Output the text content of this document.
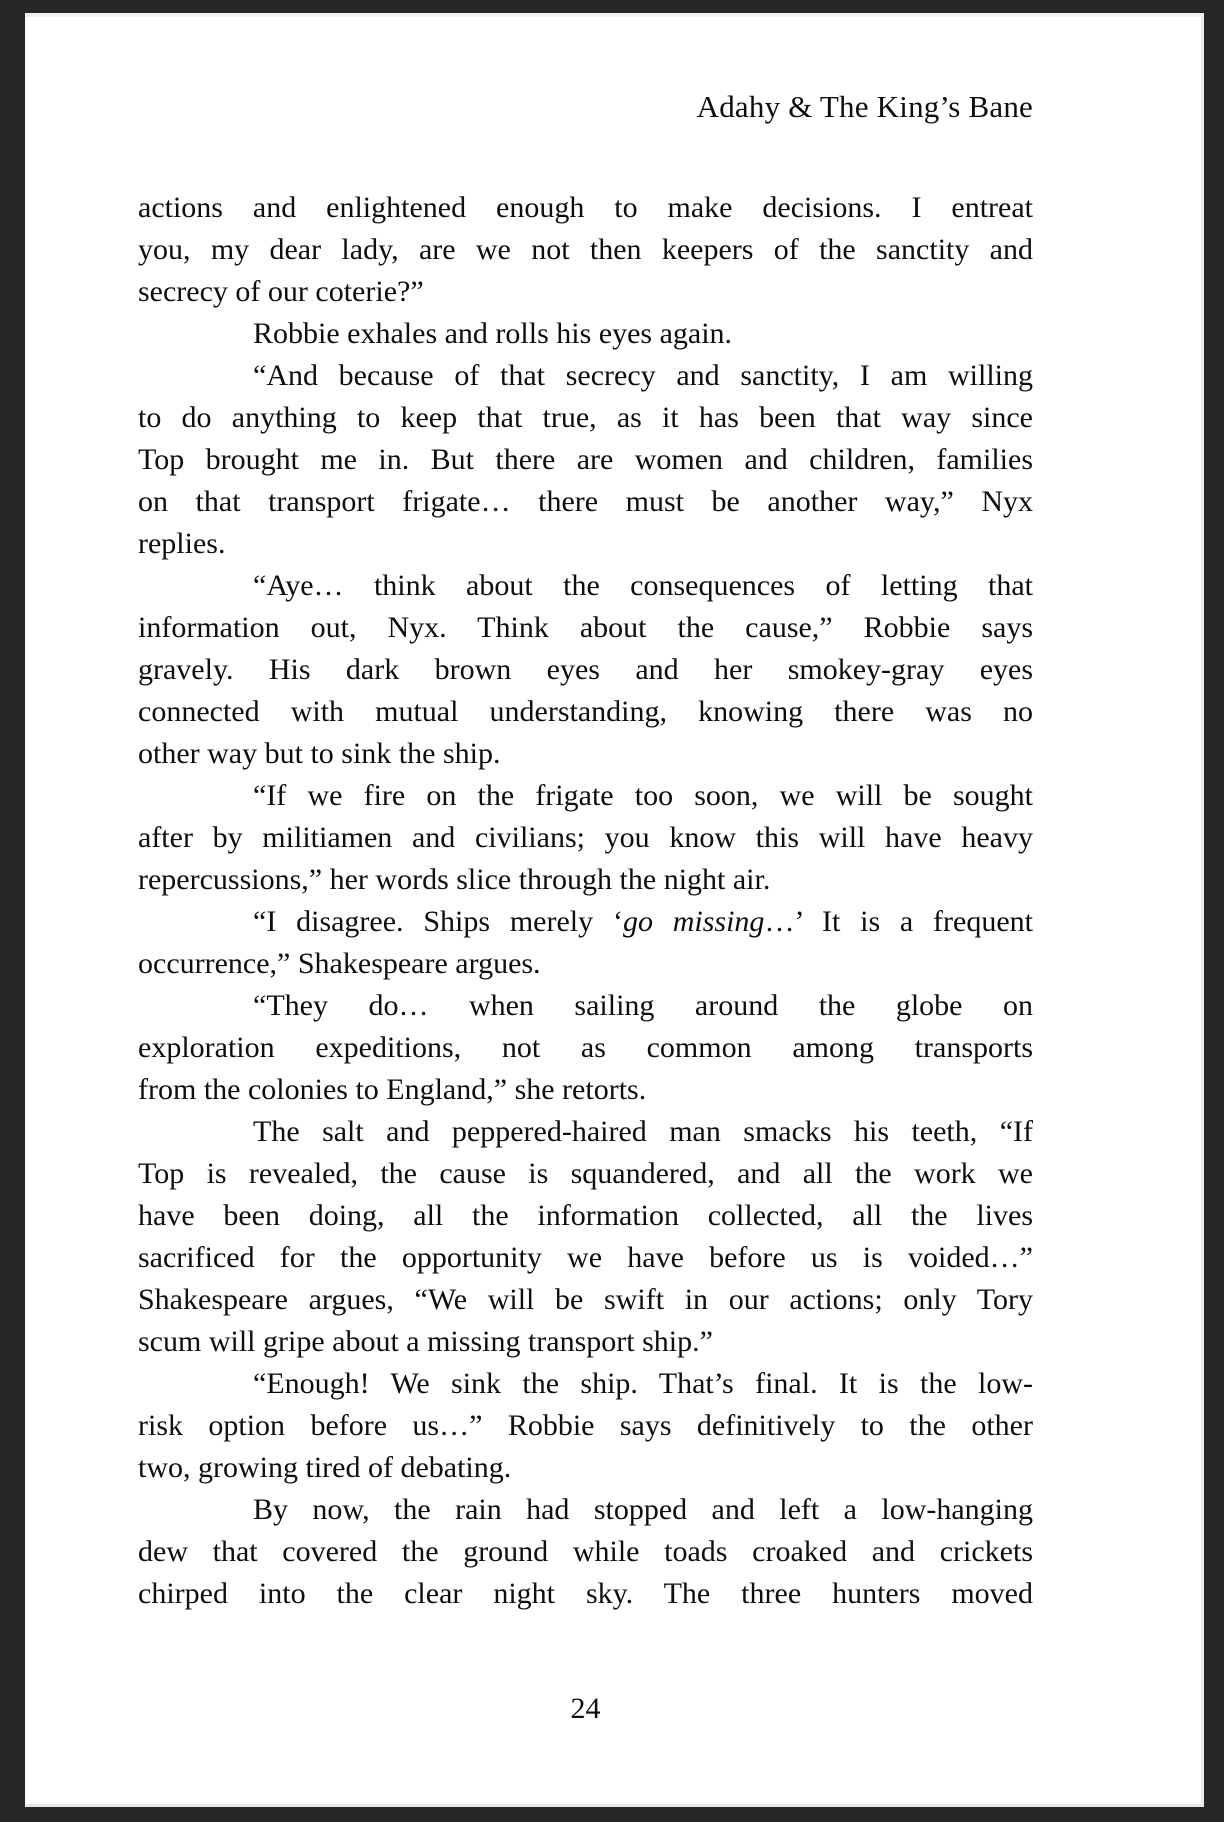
Adahy & The King’s Bane
actions and enlightened enough to make decisions. I entreat
you, my dear lady, are we not then keepers of the sanctity and
secrecy of our coterie?”
Robbie exhales and rolls his eyes again.
“And because of that secrecy and sanctity, I am willing
to do anything to keep that true, as it has been that way since
Top brought me in. But there are women and children, families
on that transport frigate… there must be another way,” Nyx
replies.
“Aye… think about the consequences of letting that
information out, Nyx. Think about the cause,” Robbie says
gravely. His dark brown eyes and her smokey-gray eyes
connected with mutual understanding, knowing there was no
other way but to sink the ship.
“If we fire on the frigate too soon, we will be sought
after by militiamen and civilians; you know this will have heavy
repercussions,” her words slice through the night air.
“I disagree. Ships merely ‘go missing…’ It is a frequent
occurrence,” Shakespeare argues.
“They do… when sailing around the globe on
exploration expeditions, not as common among transports
from the colonies to England,” she retorts.
The salt and peppered-haired man smacks his teeth, “If
Top is revealed, the cause is squandered, and all the work we
have been doing, all the information collected, all the lives
sacrificed for the opportunity we have before us is voided…”
Shakespeare argues, “We will be swift in our actions; only Tory
scum will gripe about a missing transport ship.”
“Enough! We sink the ship. That’s final. It is the low-
risk option before us…” Robbie says definitively to the other
two, growing tired of debating.
By now, the rain had stopped and left a low-hanging
dew that covered the ground while toads croaked and crickets
chirped into the clear night sky. The three hunters moved
24
